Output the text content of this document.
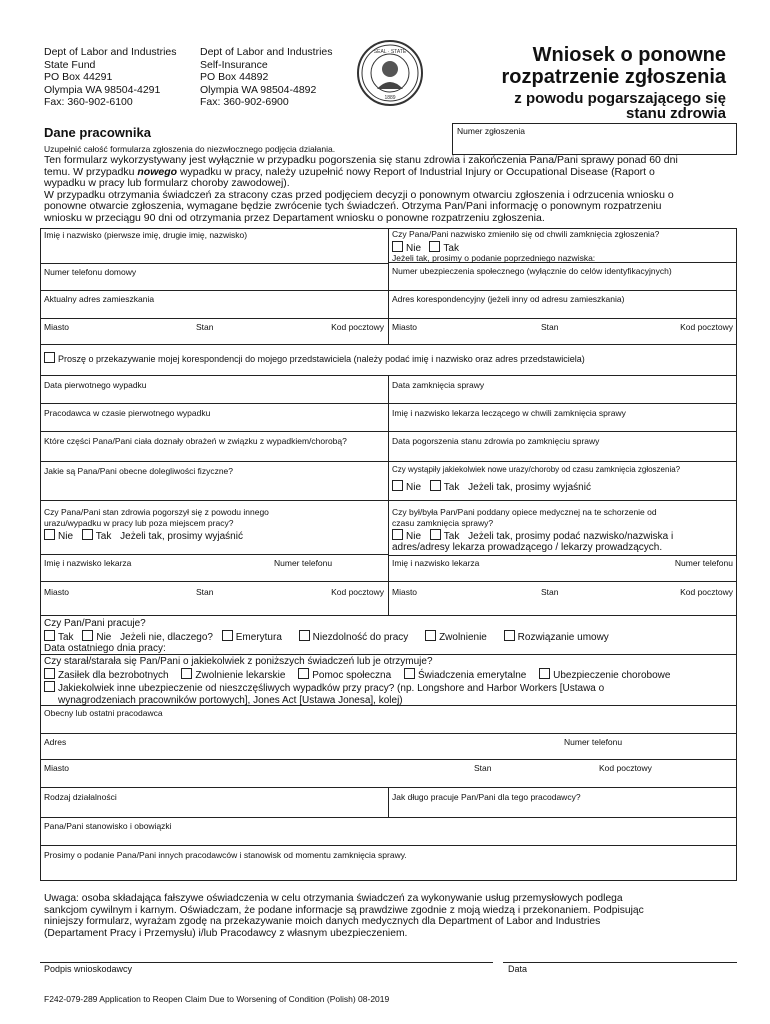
Dept of Labor and Industries
State Fund
PO Box 44291
Olympia WA 98504-4291
Fax: 360-902-6100
Dept of Labor and Industries
Self-Insurance
PO Box 44892
Olympia WA 98504-4892
Fax: 360-902-6900
SEAL · STATE
1889
Wniosek o ponowne
rozpatrzenie zgłoszenia
z powodu pogarszającego się
stanu zdrowia
Dane pracownika
Uzupełnić całość formularza zgłoszenia do niezwłocznego podjęcia działania.
Numer zgłoszenia
Ten formularz wykorzystywany jest wyłącznie w przypadku pogorszenia się stanu zdrowia i zakończenia Pana/Pani sprawy ponad 60 dni
temu. W przypadku nowego wypadku w pracy, należy uzupełnić nowy Report of Industrial Injury or Occupational Disease (Raport o
wypadku w pracy lub formularz choroby zawodowej).
W przypadku otrzymania świadczeń za stracony czas przed podjęciem decyzji o ponownym otwarciu zgłoszenia i odrzucenia wniosku o
ponowne otwarcie zgłoszenia, wymagane będzie zwrócenie tych świadczeń. Otrzyma Pan/Pani informację o ponownym rozpatrzeniu
wniosku w przeciągu 90 dni od otrzymania przez Departament wniosku o ponowne rozpatrzeniu zgłoszenia.
Imię i nazwisko (pierwsze imię, drugie imię, nazwisko)	Czy Pana/Pani nazwisko zmieniło się od chwili zamknięcia zgłoszenia?
Nie Tak
Jeżeli tak, prosimy o podanie poprzedniego nazwiska:
Numer telefonu domowy	Numer ubezpieczenia społecznego (wyłącznie do celów identyfikacyjnych)
Aktualny adres zamieszkania	Adres korespondencyjny (jeżeli inny od adresu zamieszkania)
Miasto	Stan	Kod pocztowy Miasto	Stan	Kod pocztowy
Proszę o przekazywanie mojej korespondencji do mojego przedstawiciela (należy podać imię i nazwisko oraz adres przedstawiciela)
Data pierwotnego wypadku	Data zamknięcia sprawy
Pracodawca w czasie pierwotnego wypadku	Imię i nazwisko lekarza leczącego w chwili zamknięcia sprawy
Które części Pana/Pani ciała doznały obrażeń w związku z wypadkiem/chorobą?	Data pogorszenia stanu zdrowia po zamknięciu sprawy
Jakie są Pana/Pani obecne dolegliwości fizyczne?	Czy wystąpiły jakiekolwiek nowe urazy/choroby od czasu zamknięcia zgłoszenia?
Nie Tak Jeżeli tak, prosimy wyjaśnić
Czy Pana/Pani stan zdrowia pogorszył się z powodu innego
urazu/wypadku w pracy lub poza miejscem pracy?
Nie Tak Jeżeli tak, prosimy wyjaśnić
Czy był/była Pan/Pani poddany opiece medycznej na te schorzenie od
czasu zamknięcia sprawy?
Nie Tak Jeżeli tak, prosimy podać nazwisko/nazwiska i
adres/adresy lekarza prowadzącego / lekarzy prowadzących.
Imię i nazwisko lekarza	Numer telefonu	Imię i nazwisko lekarza	Numer telefonu
Miasto	Stan	Kod pocztowy Miasto	Stan	Kod pocztowy
Czy Pan/Pani pracuje?
Tak Nie Jeżeli nie, dlaczego? Emerytura	Niezdolność do pracy	Zwolnienie	Rozwiązanie umowy
Data ostatniego dnia pracy:
Czy starał/starała się Pan/Pani o jakiekolwiek z poniższych świadczeń lub je otrzymuje?
Zasiłek dla bezrobotnych	Zwolnienie lekarskie	Pomoc społeczna	Świadczenia emerytalne	Ubezpieczenie chorobowe
Jakiekolwiek inne ubezpieczenie od nieszczęśliwych wypadków przy pracy? (np. Longshore and Harbor Workers [Ustawa o
wynagrodzeniach pracowników portowych], Jones Act [Ustawa Jonesa], kolej)
Obecny lub ostatni pracodawca
Adres	Numer telefonu
Miasto	Stan	Kod pocztowy
Rodzaj działalności	Jak długo pracuje Pan/Pani dla tego pracodawcy?
Pana/Pani stanowisko i obowiązki
Prosimy o podanie Pana/Pani innych pracodawców i stanowisk od momentu zamknięcia sprawy.
Uwaga: osoba składająca fałszywe oświadczenia w celu otrzymania świadczeń za wykonywanie usług przemysłowych podlega
sankcjom cywilnym i karnym. Oświadczam, że podane informacje są prawdziwe zgodnie z moją wiedzą i przekonaniem. Podpisując
niniejszy formularz, wyrażam zgodę na przekazywanie moich danych medycznych dla Department of Labor and Industries
(Departament Pracy i Przemysłu) i/lub Pracodawcy z własnym ubezpieczeniem.
Podpis wnioskodawcy	Data
F242-079-289 Application to Reopen Claim Due to Worsening of Condition (Polish) 08-2019
